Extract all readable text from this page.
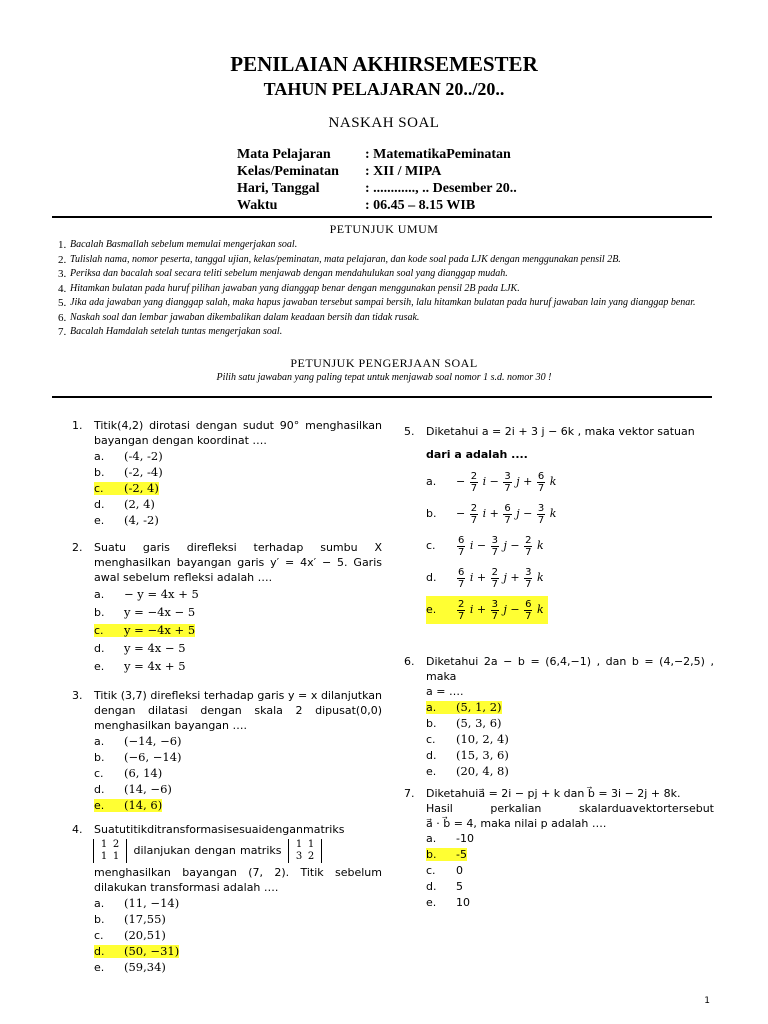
PENILAIAN AKHIRSEMESTER
TAHUN PELAJARAN 20../20..
NASKAH SOAL
Mata Pelajaran : MatematikaPeminatan
Kelas/Peminatan : XII / MIPA
Hari, Tanggal	: ............, .. Desember 20..
Waktu	: 06.45 – 8.15 WIB
PETUNJUK UMUM
1. Bacalah Basmallah sebelum memulai mengerjakan soal.
2. Tulislah nama, nomor peserta, tanggal ujian, kelas/peminatan, mata pelajaran, dan kode soal pada LJK dengan menggunakan pensil 2B.
3. Periksa dan bacalah soal secara teliti sebelum menjawab dengan mendahulukan soal yang dianggap mudah.
4. Hitamkan bulatan pada huruf pilihan jawaban yang dianggap benar dengan menggunakan pensil 2B pada LJK.
5. Jika ada jawaban yang dianggap salah, maka hapus jawaban tersebut sampai bersih, lalu hitamkan bulatan pada huruf jawaban lain yang dianggap benar.
6. Naskah soal dan lembar jawaban dikembalikan dalam keadaan bersih dan tidak rusak.
7. Bacalah Hamdalah setelah tuntas mengerjakan soal.
PETUNJUK PENGERJAAN SOAL
Pilih satu jawaban yang paling tepat untuk menjawab soal nomor 1 s.d. nomor 30 !
1. Titik(4,2) dirotasi dengan sudut 90° menghasilkan bayangan dengan koordinat ….
a. (-4, -2)
b. (-2, -4)
c. (-2, 4)
d. (2, 4)
e. (4, -2)
2. Suatu garis direfleksi terhadap sumbu X menghasilkan bayangan garis y′ = 4x′ − 5. Garis awal sebelum refleksi adalah ….
a. − y = 4x + 5
b. y = −4x − 5
c. y = −4x + 5
d. y = 4x − 5
e. y = 4x + 5
3. Titik (3,7) direfleksi terhadap garis y = x dilanjutkan dengan dilatasi dengan skala 2 dipusat(0,0) menghasilkan bayangan ….
a. (−14, −6)
b. (−6, −14)
c. (6, 14)
d. (14, −6)
e. (14, 6)
4. Suatutitikditransformasisesuaidenganmatriks
1 2
1 1 dilanjukan dengan matriks 1 1
3 2
menghasilkan bayangan (7, 2). Titik sebelum dilakukan transformasi adalah ….
a. (11, −14)
b. (17,55)
c. (20,51)
d. (50, −31)
e. (59,34)
5. Diketahui a = 2i + 3 j − 6k , maka vektor satuan
dari a adalah ....
a. − $\frac{2}{7}$ $i - \frac{3}{7}$ $j + \frac{6}{7}$ k
b. − $\frac{2}{7}$ $i + \frac{6}{7}$ $j - \frac{3}{7}$ k
c. $\frac{6}{7}$ $i - \frac{3}{7}$ $j - \frac{2}{7}$ k
d. $\frac{6}{7}$ $i + \frac{2}{7}$ $j + \frac{3}{7}$ k
e. $\frac{2}{7}$ $i + \frac{3}{7}$ $j - \frac{6}{7}$ k
6. Diketahui 2a − b = (6,4,−1) , dan b = (4,−2,5) , maka
a = ….
a. (5, 1, 2)
b. (5, 3, 6)
c. (10, 2, 4)
d. (15, 3, 6)
e. (20, 4, 8)
7. Diketahuia⃗ = 2i − pj + k dan b⃗ = 3i − 2j + 8k.
Hasil perkalian skalarduavektortersebut
a⃗ · b⃗ = 4, maka nilai p adalah ….
a. -10
b. -5
c. 0
d. 5
e. 10
1
